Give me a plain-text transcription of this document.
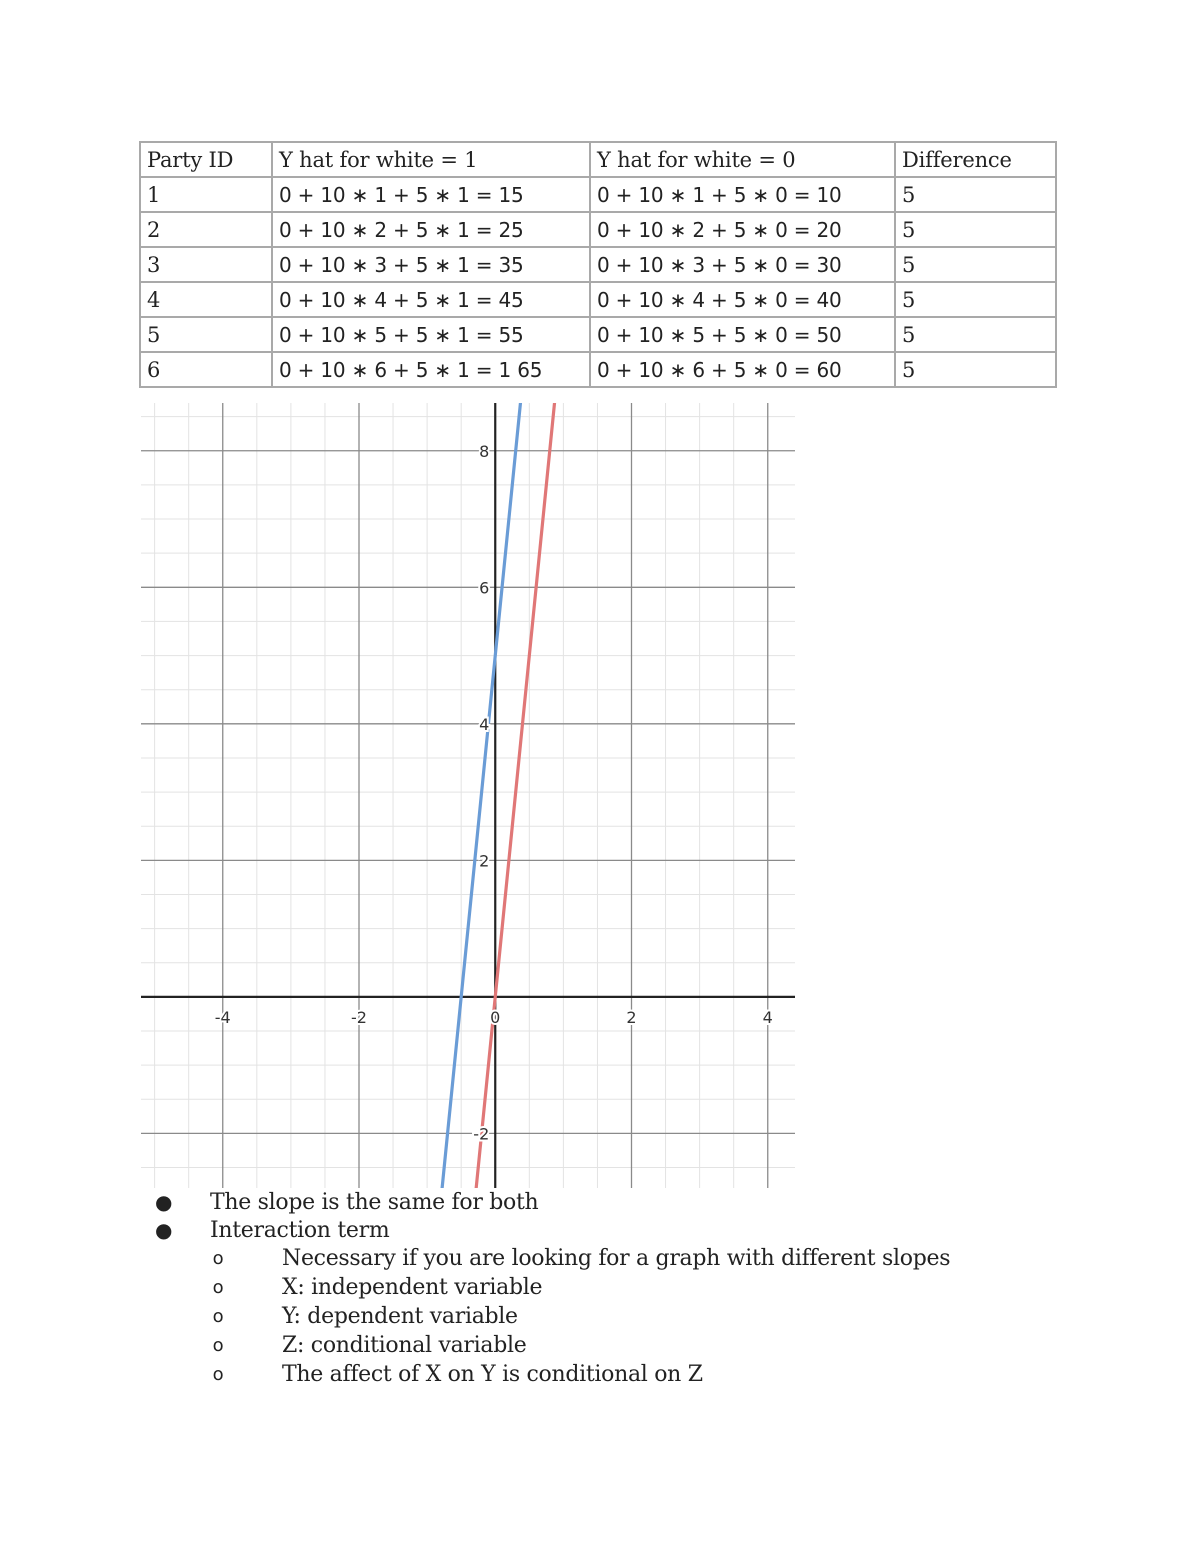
Party ID	Y hat for white = 1	Y hat for white = 0	Difference
1	0 + 10 ∗ 1 + 5 ∗ 1 = 15	0 + 10 ∗ 1 + 5 ∗ 0 = 10	5
2	0 + 10 ∗ 2 + 5 ∗ 1 = 25	0 + 10 ∗ 2 + 5 ∗ 0 = 20	5
3	0 + 10 ∗ 3 + 5 ∗ 1 = 35	0 + 10 ∗ 3 + 5 ∗ 0 = 30	5
4	0 + 10 ∗ 4 + 5 ∗ 1 = 45	0 + 10 ∗ 4 + 5 ∗ 0 = 40	5
5	0 + 10 ∗ 5 + 5 ∗ 1 = 55	0 + 10 ∗ 5 + 5 ∗ 0 = 50	5
6	0 + 10 ∗ 6 + 5 ∗ 1 = 1 65	0 + 10 ∗ 6 + 5 ∗ 0 = 60	5
-4	-2	0	2	4
-2
2
4
6
8
● The slope is the same for both
● Interaction term
o	Necessary if you are looking for a graph with different slopes
o	X: independent variable
o	Y: dependent variable
o	Z: conditional variable
o	The affect of X on Y is conditional on Z
